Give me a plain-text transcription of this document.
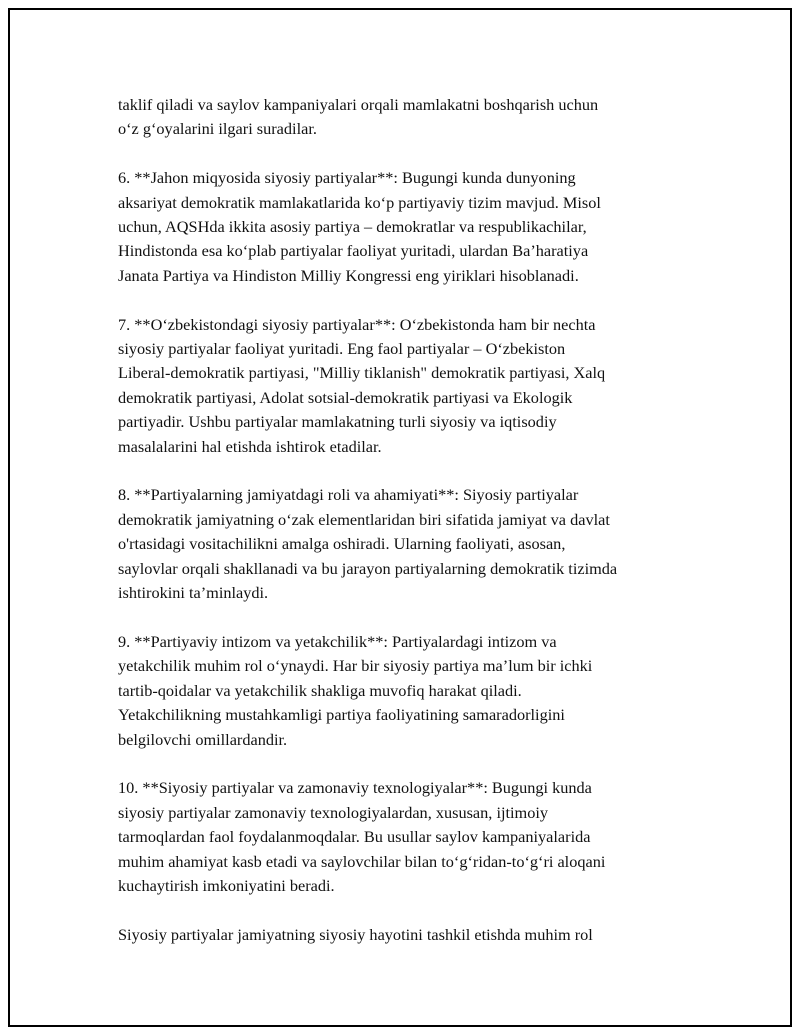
taklif qiladi va saylov kampaniyalari orqali mamlakatni boshqarish uchun
o‘z g‘oyalarini ilgari suradilar.

6. **Jahon miqyosida siyosiy partiyalar**: Bugungi kunda dunyoning
aksariyat demokratik mamlakatlarida ko‘p partiyaviy tizim mavjud. Misol
uchun, AQSHda ikkita asosiy partiya – demokratlar va respublikachilar,
Hindistonda esa ko‘plab partiyalar faoliyat yuritadi, ulardan Ba’haratiya
Janata Partiya va Hindiston Milliy Kongressi eng yiriklari hisoblanadi.

7. **O‘zbekistondagi siyosiy partiyalar**: O‘zbekistonda ham bir nechta
siyosiy partiyalar faoliyat yuritadi. Eng faol partiyalar – O‘zbekiston
Liberal-demokratik partiyasi, "Milliy tiklanish" demokratik partiyasi, Xalq
demokratik partiyasi, Adolat sotsial-demokratik partiyasi va Ekologik
partiyadir. Ushbu partiyalar mamlakatning turli siyosiy va iqtisodiy
masalalarini hal etishda ishtirok etadilar.

8. **Partiyalarning jamiyatdagi roli va ahamiyati**: Siyosiy partiyalar
demokratik jamiyatning o‘zak elementlaridan biri sifatida jamiyat va davlat
o'rtasidagi vositachilikni amalga oshiradi. Ularning faoliyati, asosan,
saylovlar orqali shakllanadi va bu jarayon partiyalarning demokratik tizimda
ishtirokini ta’minlaydi.

9. **Partiyaviy intizom va yetakchilik**: Partiyalardagi intizom va
yetakchilik muhim rol o‘ynaydi. Har bir siyosiy partiya ma’lum bir ichki
tartib-qoidalar va yetakchilik shakliga muvofiq harakat qiladi.
Yetakchilikning mustahkamligi partiya faoliyatining samaradorligini
belgilovchi omillardandir.

10. **Siyosiy partiyalar va zamonaviy texnologiyalar**: Bugungi kunda
siyosiy partiyalar zamonaviy texnologiyalardan, xususan, ijtimoiy
tarmoqlardan faol foydalanmoqdalar. Bu usullar saylov kampaniyalarida
muhim ahamiyat kasb etadi va saylovchilar bilan to‘g‘ridan-to‘g‘ri aloqani
kuchaytirish imkoniyatini beradi.

Siyosiy partiyalar jamiyatning siyosiy hayotini tashkil etishda muhim rol
